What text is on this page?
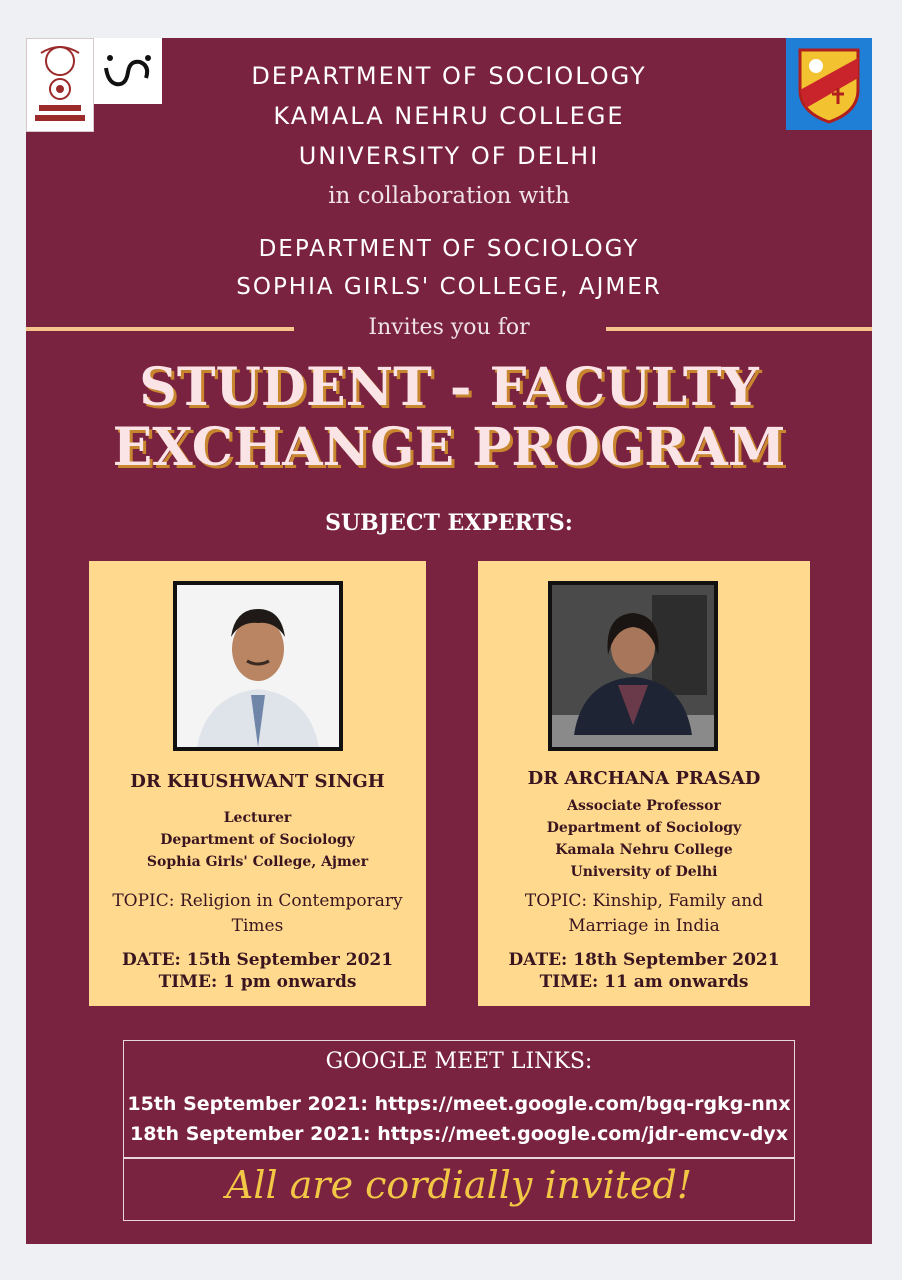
DEPARTMENT OF SOCIOLOGY
KAMALA NEHRU COLLEGE
UNIVERSITY OF DELHI
in collaboration with
DEPARTMENT OF SOCIOLOGY
SOPHIA GIRLS' COLLEGE, AJMER
Invites you for
STUDENT - FACULTY
EXCHANGE PROGRAM
SUBJECT EXPERTS:
DR KHUSHWANT SINGH
Lecturer
Department of Sociology
Sophia Girls' College, Ajmer
TOPIC: Religion in Contemporary Times
DATE: 15th September 2021
TIME: 1 pm onwards
DR ARCHANA PRASAD
Associate Professor
Department of Sociology
Kamala Nehru College
University of Delhi
TOPIC: Kinship, Family and Marriage in India
DATE: 18th September 2021
TIME: 11 am onwards
GOOGLE MEET LINKS:
15th September 2021: https://meet.google.com/bgq-rgkg-nnx
18th September 2021: https://meet.google.com/jdr-emcv-dyx
All are cordially invited!
